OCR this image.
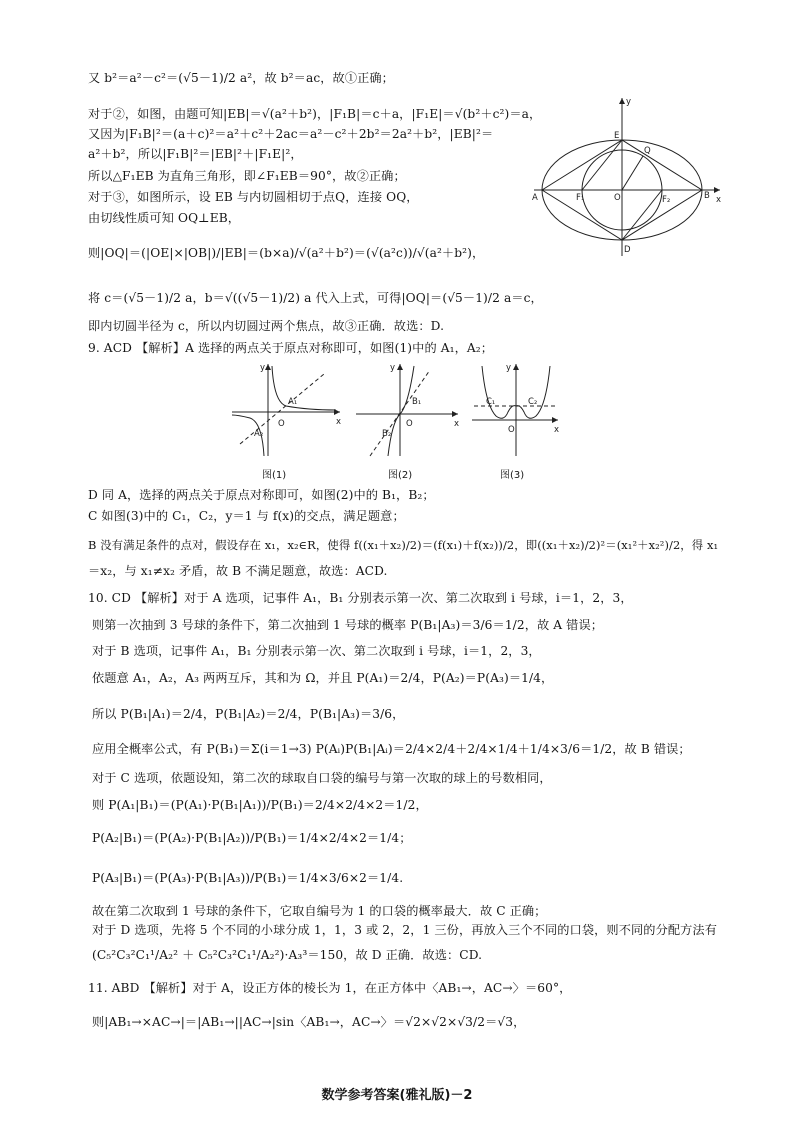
又 b²＝a²－c²＝(√5－1)/2 a²，故 b²＝ac，故①正确；
对于②，如图，由题可知|EB|＝√(a²＋b²)，|F₁B|＝c＋a，|F₁E|＝√(b²＋c²)＝a，
又因为|F₁B|²＝(a＋c)²＝a²＋c²＋2ac＝a²－c²＋2b²＝2a²＋b²，|EB|²＝
a²＋b²，所以|F₁B|²＝|EB|²＋|F₁E|²，
所以△F₁EB 为直角三角形，即∠F₁EB＝90°，故②正确；
对于③，如图所示，设 EB 与内切圆相切于点Q，连接 OQ，
由切线性质可知 OQ⊥EB，
则|OQ|＝(|OE|×|OB|)/|EB|＝(b×a)/√(a²＋b²)＝(√(a²c))/√(a²＋b²)，
将 c＝(√5－1)/2 a，b＝√((√5－1)/2) a 代入上式，可得|OQ|＝(√5－1)/2 a＝c，
即内切圆半径为 c，所以内切圆过两个焦点，故③正确．故选：D.
9. ACD 【解析】A 选择的两点关于原点对称即可，如图(1)中的 A₁，A₂；
D 同 A，选择的两点关于原点对称即可，如图(2)中的 B₁，B₂；
C 如图(3)中的 C₁，C₂，y＝1 与 f(x)的交点，满足题意；
B 没有满足条件的点对，假设存在 x₁，x₂∈R，使得 f((x₁＋x₂)/2)＝(f(x₁)＋f(x₂))/2，即((x₁＋x₂)/2)²＝(x₁²＋x₂²)/2，得 x₁
＝x₂，与 x₁≠x₂ 矛盾，故 B 不满足题意，故选：ACD.
10. CD 【解析】对于 A 选项，记事件 A₁，B₁ 分别表示第一次、第二次取到 i 号球，i＝1，2，3，
则第一次抽到 3 号球的条件下，第二次抽到 1 号球的概率 P(B₁|A₃)＝3/6＝1/2，故 A 错误；
对于 B 选项，记事件 A₁，B₁ 分别表示第一次、第二次取到 i 号球，i＝1，2，3，
依题意 A₁，A₂，A₃ 两两互斥，其和为 Ω，并且 P(A₁)＝2/4，P(A₂)＝P(A₃)＝1/4，
所以 P(B₁|A₁)＝2/4，P(B₁|A₂)＝2/4，P(B₁|A₃)＝3/6，
应用全概率公式，有 P(B₁)＝Σ(i＝1→3) P(Aᵢ)P(B₁|Aᵢ)＝2/4×2/4＋2/4×1/4＋1/4×3/6＝1/2，故 B 错误；
对于 C 选项，依题设知，第二次的球取自口袋的编号与第一次取的球上的号数相同，
则 P(A₁|B₁)＝(P(A₁)·P(B₁|A₁))/P(B₁)＝2/4×2/4×2＝1/2，
P(A₂|B₁)＝(P(A₂)·P(B₁|A₂))/P(B₁)＝1/4×2/4×2＝1/4；
P(A₃|B₁)＝(P(A₃)·P(B₁|A₃))/P(B₁)＝1/4×3/6×2＝1/4.
故在第二次取到 1 号球的条件下，它取自编号为 1 的口袋的概率最大．故 C 正确；
对于 D 选项，先将 5 个不同的小球分成 1，1，3 或 2，2，1 三份，再放入三个不同的口袋，则不同的分配方法有
(C₅²C₃²C₁¹/A₂² ＋ C₅²C₃²C₁¹/A₂²)·A₃³＝150，故 D 正确．故选：CD.
11. ABD 【解析】对于 A，设正方体的棱长为 1，在正方体中〈AB₁→，AC→〉＝60°，
则|AB₁→×AC→|＝|AB₁→||AC→|sin〈AB₁→，AC→〉＝√2×√2×√3/2＝√3，
y
x
E
Q
A	F₁	O	F₂	B
D
y
x
O
A₁
A₂
图(1)
y
x
O
B₁
B₂
图(2)
y
x
O
C₁	C₂
图(3)
数学参考答案(雅礼版)－2
